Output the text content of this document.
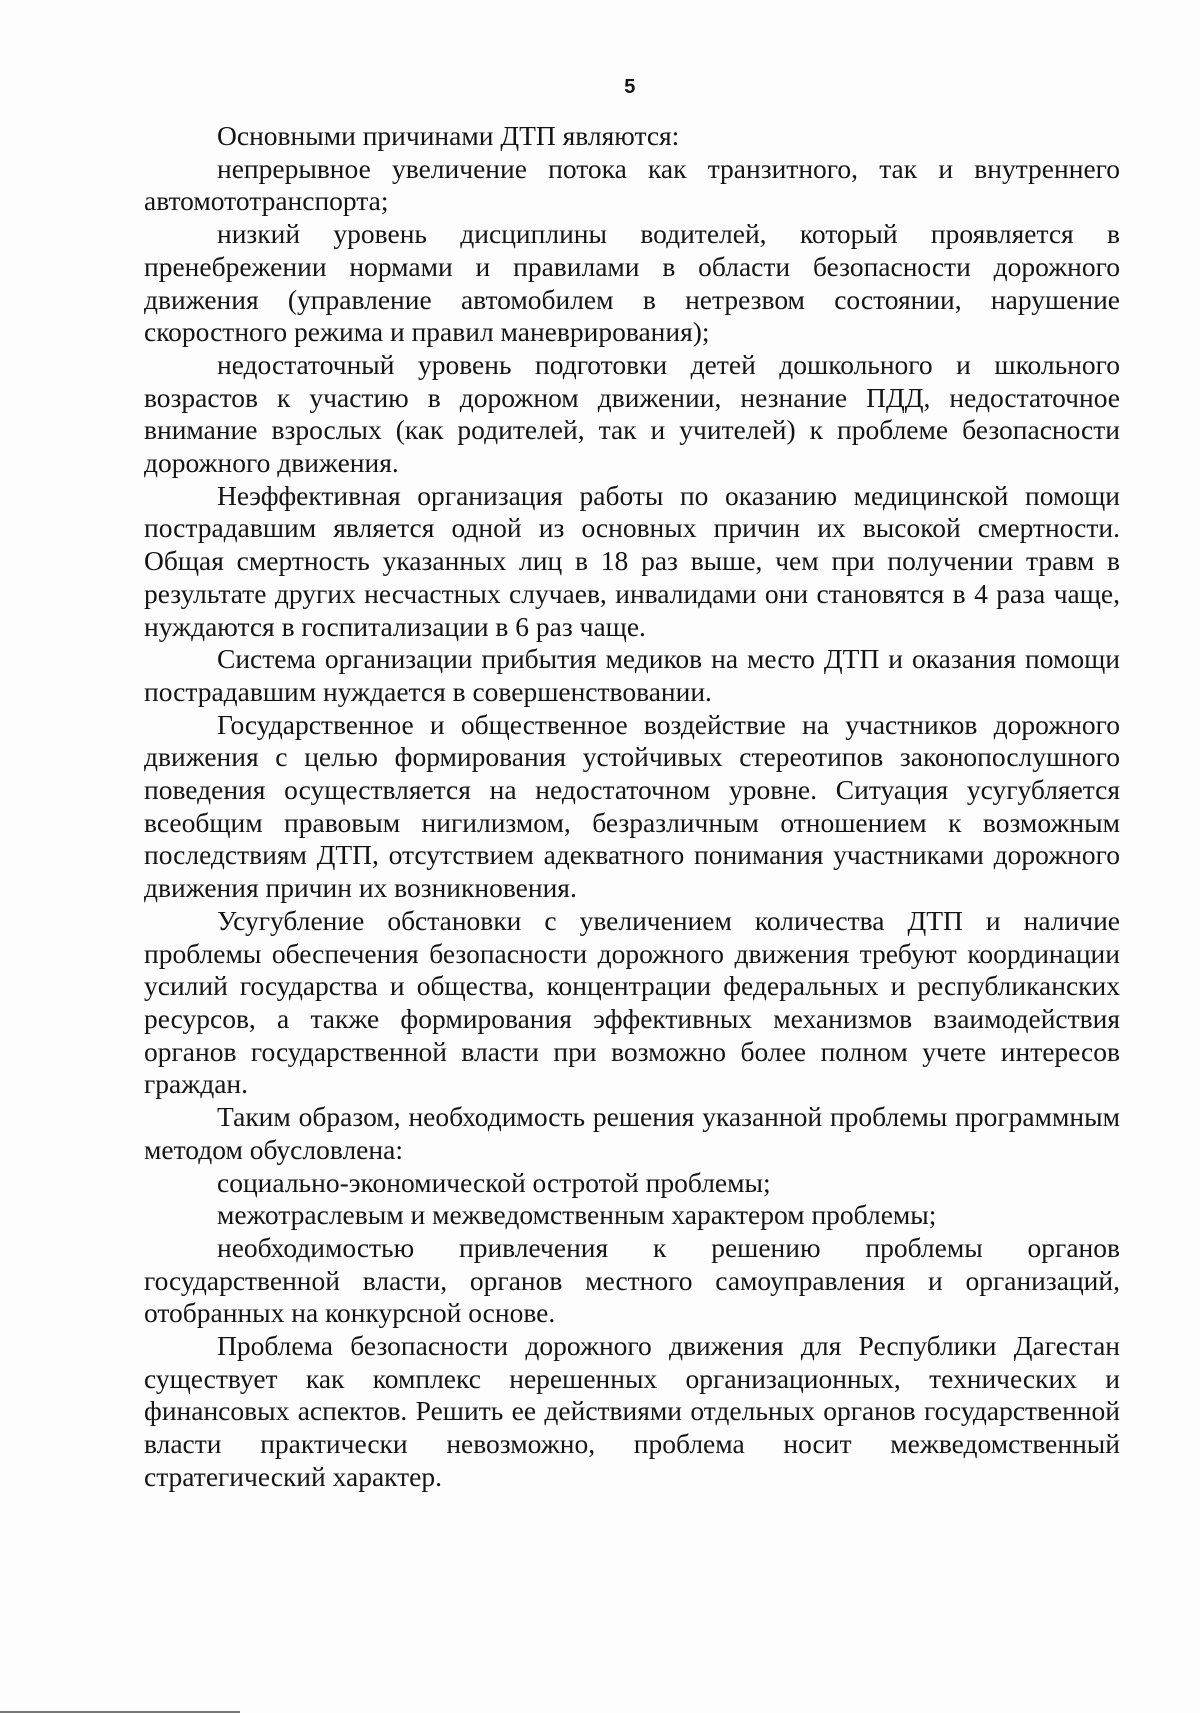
5

Основными причинами ДТП являются:

непрерывное увеличение потока как транзитного, так и внутреннего автомототранспорта;

низкий уровень дисциплины водителей, который проявляется в пренебрежении нормами и правилами в области безопасности дорожного движения (управление автомобилем в нетрезвом состоянии, нарушение скоростного режима и правил маневрирования);

недостаточный уровень подготовки детей дошкольного и школьного возрастов к участию в дорожном движении, незнание ПДД, недостаточное внимание взрослых (как родителей, так и учителей) к проблеме безопасности дорожного движения.

Неэффективная организация работы по оказанию медицинской помощи пострадавшим является одной из основных причин их высокой смертности. Общая смертность указанных лиц в 18 раз выше, чем при получении травм в результате других несчастных случаев, инвалидами они становятся в 4 раза чаще, нуждаются в госпитализации в 6 раз чаще.

Система организации прибытия медиков на место ДТП и оказания помощи пострадавшим нуждается в совершенствовании.

Государственное и общественное воздействие на участников дорожного движения с целью формирования устойчивых стереотипов законопослушного поведения осуществляется на недостаточном уровне. Ситуация усугубляется всеобщим правовым нигилизмом, безразличным отношением к возможным последствиям ДТП, отсутствием адекватного понимания участниками дорожного движения причин их возникновения.

Усугубление обстановки с увеличением количества ДТП и наличие проблемы обеспечения безопасности дорожного движения требуют координации усилий государства и общества, концентрации федеральных и республиканских ресурсов, а также формирования эффективных механизмов взаимодействия органов государственной власти при возможно более полном учете интересов граждан.

Таким образом, необходимость решения указанной проблемы программным методом обусловлена:

социально-экономической остротой проблемы;

межотраслевым и межведомственным характером проблемы;

необходимостью привлечения к решению проблемы органов государственной власти, органов местного самоуправления и организаций, отобранных на конкурсной основе.

Проблема безопасности дорожного движения для Республики Дагестан существует как комплекс нерешенных организационных, технических и финансовых аспектов. Решить ее действиями отдельных органов государственной власти практически невозможно, проблема носит межведомственный стратегический характер.
